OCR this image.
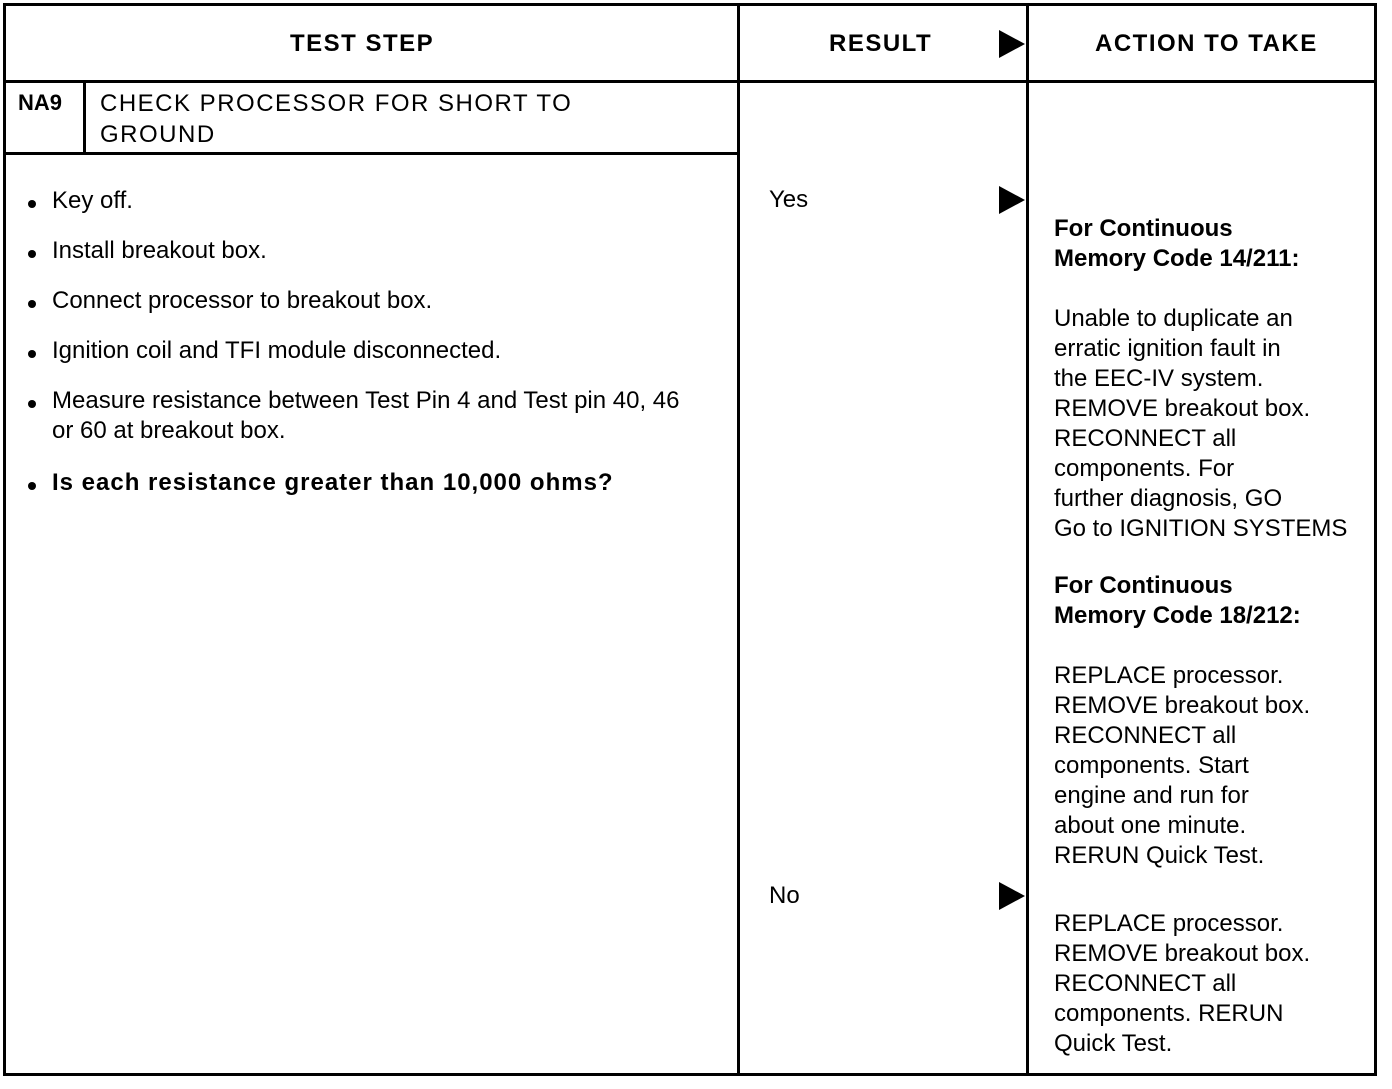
TEST STEP	RESULT	ACTION TO TAKE
NA9 CHECK PROCESSOR FOR SHORT TO
GROUND
Key off.
Install breakout box.
Connect processor to breakout box.
Ignition coil and TFI module disconnected.
Measure resistance between Test Pin 4 and Test pin 40, 46 or 60 at breakout box.
Is each resistance greater than 10,000 ohms?
Yes
No

For Continuous
Memory Code 14/211:

Unable to duplicate an
erratic ignition fault in
the EEC-IV system.
REMOVE breakout box.
RECONNECT all
components. For
further diagnosis, GO
Go to IGNITION SYSTEMS

For Continuous
Memory Code 18/212:

REPLACE processor.
REMOVE breakout box.
RECONNECT all
components. Start
engine and run for
about one minute.
RERUN Quick Test.

REPLACE processor.
REMOVE breakout box.
RECONNECT all
components. RERUN
Quick Test.
